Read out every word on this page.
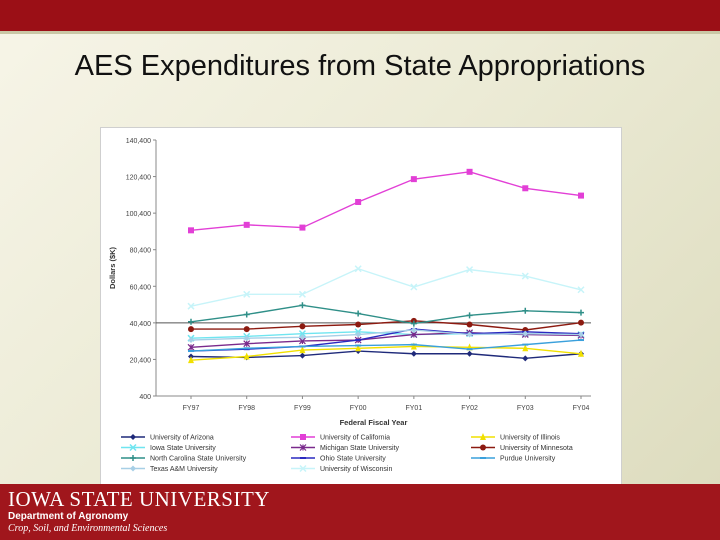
AES Expenditures from State Appropriations
400
20,400
40,400
60,400
80,400
100,400
120,400
140,400
FY97	FY98	FY99	FY00	FY01	FY02	FY03	FY04
Federal Fiscal Year
Dollars ($K)
University of Arizona	University of California	University of Illinois
Iowa State University	Michigan State University	University of Minnesota
North Carolina State University	Ohio State University	Purdue University
Texas A&M University	University of Wisconsin
IOWA STATE UNIVERSITY
Department of Agronomy
Crop, Soil, and Environmental Sciences
